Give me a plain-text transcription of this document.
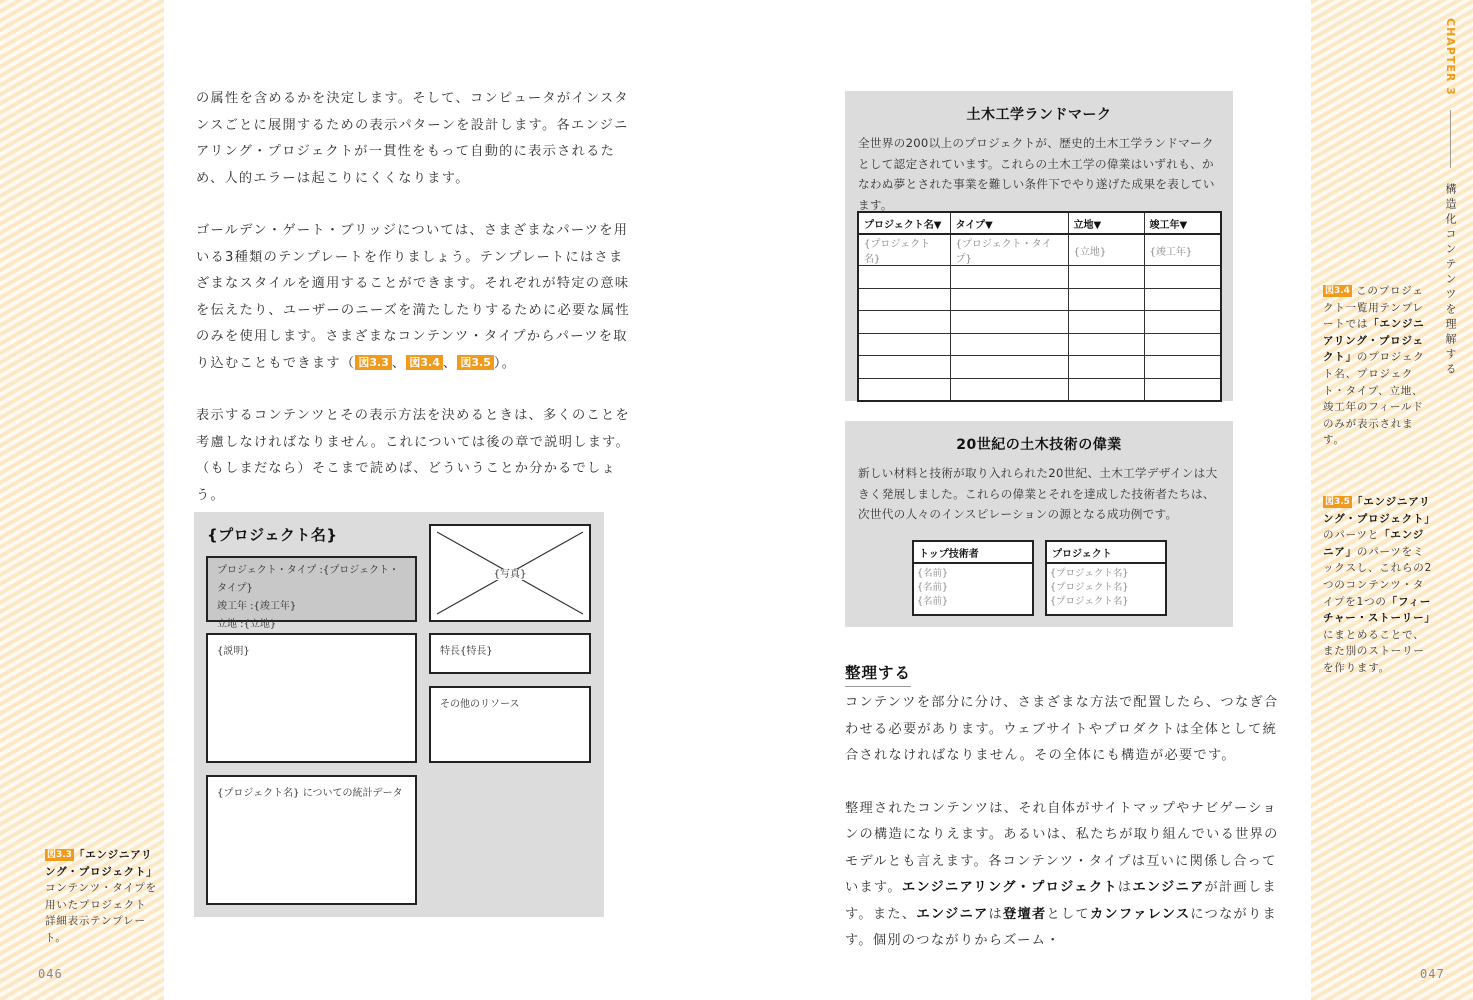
の属性を含めるかを決定します。そして、コンピュータがインスタンスごとに展開するための表示パターンを設計します。各エンジニアリング・プロジェクトが一貫性をもって自動的に表示されるため、人的エラーは起こりにくくなります。

ゴールデン・ゲート・ブリッジについては、さまざまなパーツを用いる3種類のテンプレートを作りましょう。テンプレートにはさまざまなスタイルを適用することができます。それぞれが特定の意味を伝えたり、ユーザーのニーズを満たしたりするために必要な属性のみを使用します。さまざまなコンテンツ・タイプからパーツを取り込むこともできます（ 図3.3 、 図3.4 、 図3.5 ）。

表示するコンテンツとその表示方法を決めるときは、多くのことを考慮しなければなりません。これについては後の章で説明します。（もしまだなら）そこまで読めば、どういうことか分かるでしょう。

{プロジェクト名}
プロジェクト・タイプ :{プロジェクト・タイプ}
竣工年 :{竣工年}
立地 :{立地}
{写真}
{説明}	特長{特長}
その他のリソース
{プロジェクト名} についての統計データ
図3.3 「エンジニアリング・プロジェクト」コンテンツ・タイプを用いたプロジェクト詳細表示テンプレート。
046
土木工学ランドマーク
全世界の200以上のプロジェクトが、歴史的土木工学ランドマークとして認定されています。これらの土木工学の偉業はいずれも、かなわぬ夢とされた事業を難しい条件下でやり遂げた成果を表しています。
プロジェクト名▼	タイプ▼	立地▼	竣工年▼
{プロジェクト名}	{プロジェクト・タイプ}	{立地}	{竣工年}

20世紀の土木技術の偉業
新しい材料と技術が取り入れられた20世紀、土木工学デザインは大きく発展しました。これらの偉業とそれを達成した技術者たちは、次世代の人々のインスピレーションの源となる成功例です。
トップ技術者
{名前}
{名前}
{名前}
プロジェクト
{プロジェクト名}
{プロジェクト名}
{プロジェクト名}
整理する

コンテンツを部分に分け、さまざまな方法で配置したら、つなぎ合わせる必要があります。ウェブサイトやプロダクトは全体として統合されなければなりません。その全体にも構造が必要です。

整理されたコンテンツは、それ自体がサイトマップやナビゲーションの構造になりえます。あるいは、私たちが取り組んでいる世界のモデルとも言えます。各コンテンツ・タイプは互いに関係し合っています。エンジニアリング・プロジェクトはエンジニアが計画します。また、エンジニアは登壇者としてカンファレンスにつながります。個別のつながりからズーム・

CHAPTER 3  構造化コンテンツを理解する
図3.4 このプロジェクト一覧用テンプレートでは「エンジニアリング・プロジェクト」のプロジェクト名、プロジェクト・タイプ、立地、竣工年のフィールドのみが表示されます。
図3.5 「エンジニアリング・プロジェクト」のパーツと「エンジニア」のパーツをミックスし、これらの2つのコンテンツ・タイプを1つの「フィーチャー・ストーリー」にまとめることで、また別のストーリーを作ります。
047
